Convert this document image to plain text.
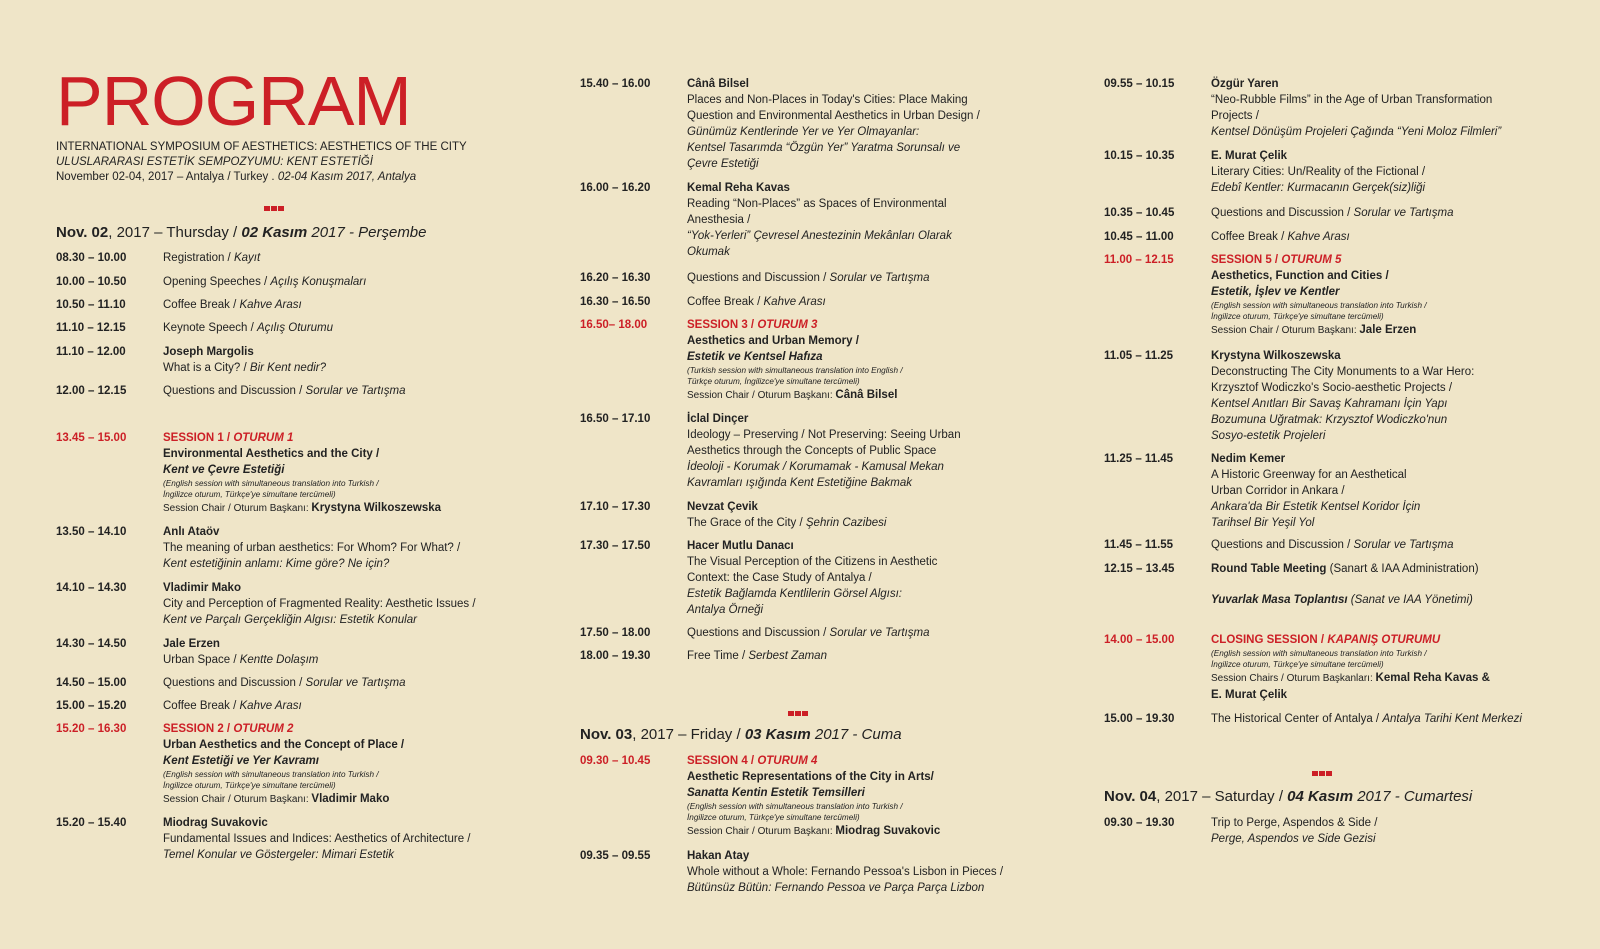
PROGRAM
INTERNATIONAL SYMPOSIUM OF AESTHETICS: AESTHETICS OF THE CITY
ULUSLARARASI ESTETİK SEMPOZYUMU: KENT ESTETİĞİ
November 02-04, 2017 – Antalya / Turkey . 02-04 Kasım 2017, Antalya
Nov. 02, 2017 – Thursday / 02 Kasım 2017 - Perşembe
08.30 – 10.00	Registration / Kayıt
10.00 – 10.50	Opening Speeches / Açılış Konuşmaları
10.50 – 11.10	Coffee Break / Kahve Arası
11.10 – 12.15	Keynote Speech / Açılış Oturumu
11.10 – 12.00	Joseph Margolis
What is a City? / Bir Kent nedir?
12.00 – 12.15	Questions and Discussion / Sorular ve Tartışma
13.45 – 15.00	SESSION 1 / OTURUM 1
Environmental Aesthetics and the City /
Kent ve Çevre Estetiği
(English session with simultaneous translation into Turkish /
İngilizce oturum, Türkçe'ye simultane tercümeli)
Session Chair / Oturum Başkanı: Krystyna Wilkoszewska
13.50 – 14.10	Anlı Ataöv
The meaning of urban aesthetics: For Whom? For What? /
Kent estetiğinin anlamı: Kime göre? Ne için?
14.10 – 14.30	Vladimir Mako
City and Perception of Fragmented Reality: Aesthetic Issues /
Kent ve Parçalı Gerçekliğin Algısı: Estetik Konular
14.30 – 14.50	Jale Erzen
Urban Space / Kentte Dolaşım
14.50 – 15.00	Questions and Discussion / Sorular ve Tartışma
15.00 – 15.20	Coffee Break / Kahve Arası
15.20 – 16.30	SESSION 2 / OTURUM 2
Urban Aesthetics and the Concept of Place /
Kent Estetiği ve Yer Kavramı
(English session with simultaneous translation into Turkish /
İngilizce oturum, Türkçe'ye simultane tercümeli)
Session Chair / Oturum Başkanı: Vladimir Mako
15.20 – 15.40	Miodrag Suvakovic
Fundamental Issues and Indices: Aesthetics of Architecture /
Temel Konular ve Göstergeler: Mimari Estetik
15.40 – 16.00	Cânâ Bilsel
Places and Non-Places in Today's Cities: Place Making
Question and Environmental Aesthetics in Urban Design /
Günümüz Kentlerinde Yer ve Yer Olmayanlar:
Kentsel Tasarımda “Özgün Yer” Yaratma Sorunsalı ve
Çevre Estetiği
16.00 – 16.20	Kemal Reha Kavas
Reading “Non-Places” as Spaces of Environmental
Anesthesia /
“Yok-Yerleri” Çevresel Anestezinin Mekânları Olarak
Okumak
16.20 – 16.30	Questions and Discussion / Sorular ve Tartışma
16.30 – 16.50	Coffee Break / Kahve Arası
16.50– 18.00	SESSION 3 / OTURUM 3
Aesthetics and Urban Memory /
Estetik ve Kentsel Hafıza
(Turkish session with simultaneous translation into English /
Türkçe oturum, İngilizce'ye simultane tercümeli)
Session Chair / Oturum Başkanı: Cânâ Bilsel
16.50 – 17.10	İclal Dinçer
Ideology – Preserving / Not Preserving: Seeing Urban
Aesthetics through the Concepts of Public Space
İdeoloji - Korumak / Korumamak - Kamusal Mekan
Kavramları ışığında Kent Estetiğine Bakmak
17.10 – 17.30	Nevzat Çevik
The Grace of the City / Şehrin Cazibesi
17.30 – 17.50	Hacer Mutlu Danacı
The Visual Perception of the Citizens in Aesthetic
Context: the Case Study of Antalya /
Estetik Bağlamda Kentlilerin Görsel Algısı:
Antalya Örneği
17.50 – 18.00	Questions and Discussion / Sorular ve Tartışma
18.00 – 19.30	Free Time / Serbest Zaman
Nov. 03, 2017 – Friday / 03 Kasım 2017 - Cuma
09.30 – 10.45	SESSION 4 / OTURUM 4
Aesthetic Representations of the City in Arts/
Sanatta Kentin Estetik Temsilleri
(English session with simultaneous translation into Turkish /
İngilizce oturum, Türkçe'ye simultane tercümeli)
Session Chair / Oturum Başkanı: Miodrag Suvakovic
09.35 – 09.55	Hakan Atay
Whole without a Whole: Fernando Pessoa's Lisbon in Pieces /
Bütünsüz Bütün: Fernando Pessoa ve Parça Parça Lizbon
09.55 – 10.15	Özgür Yaren
“Neo-Rubble Films” in the Age of Urban Transformation
Projects /
Kentsel Dönüşüm Projeleri Çağında “Yeni Moloz Filmleri”
10.15 – 10.35	E. Murat Çelik
Literary Cities: Un/Reality of the Fictional /
Edebî Kentler: Kurmacanın Gerçek(siz)liği
10.35 – 10.45	Questions and Discussion / Sorular ve Tartışma
10.45 – 11.00	Coffee Break / Kahve Arası
11.00 – 12.15	SESSION 5 / OTURUM 5
Aesthetics, Function and Cities /
Estetik, İşlev ve Kentler
(English session with simultaneous translation into Turkish /
İngilizce oturum, Türkçe'ye simultane tercümeli)
Session Chair / Oturum Başkanı: Jale Erzen
11.05 – 11.25	Krystyna Wilkoszewska
Deconstructing The City Monuments to a War Hero:
Krzysztof Wodiczko's Socio-aesthetic Projects /
Kentsel Anıtları Bir Savaş Kahramanı İçin Yapı
Bozumuna Uğratmak: Krzysztof Wodiczko'nun
Sosyo-estetik Projeleri
11.25 – 11.45	Nedim Kemer
A Historic Greenway for an Aesthetical
Urban Corridor in Ankara /
Ankara'da Bir Estetik Kentsel Koridor İçin
Tarihsel Bir Yeşil Yol
11.45 – 11.55	Questions and Discussion / Sorular ve Tartışma
12.15 – 13.45	Round Table Meeting (Sanart & IAA Administration)
Yuvarlak Masa Toplantısı (Sanat ve IAA Yönetimi)
14.00 – 15.00	CLOSING SESSION / KAPANIŞ OTURUMU
(English session with simultaneous translation into Turkish /
İngilizce oturum, Türkçe'ye simultane tercümeli)
Session Chairs / Oturum Başkanları: Kemal Reha Kavas &
E. Murat Çelik
15.00 – 19.30	The Historical Center of Antalya / Antalya Tarihi Kent Merkezi
Nov. 04, 2017 – Saturday / 04 Kasım 2017 - Cumartesi
09.30 – 19.30	Trip to Perge, Aspendos & Side /
Perge, Aspendos ve Side Gezisi
